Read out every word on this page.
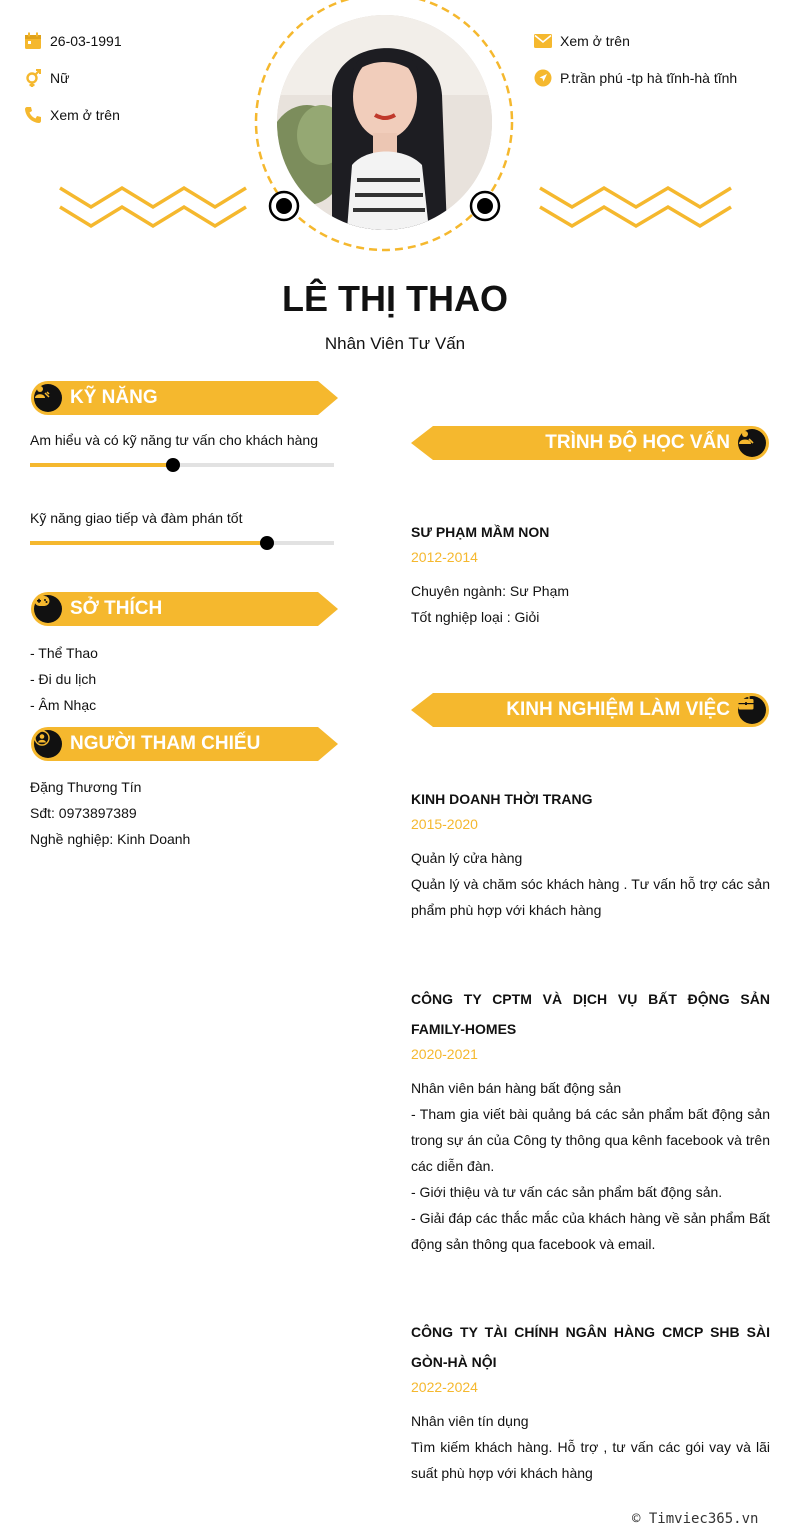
26-03-1991
Nữ
Xem ở trên
Xem ở trên
P.trần phú -tp hà tĩnh-hà tĩnh
LÊ THỊ THAO
Nhân Viên Tư Vấn
KỸ NĂNG
Am hiểu và có kỹ năng tư vấn cho khách hàng
Kỹ năng giao tiếp và đàm phán tốt
SỞ THÍCH
- Thể Thao
- Đi du lịch
- Âm Nhạc
NGƯỜI THAM CHIẾU
Đặng Thương Tín
Sđt: 0973897389
Nghề nghiệp: Kinh Doanh
TRÌNH ĐỘ HỌC VẤN
SƯ PHẠM MẦM NON
2012-2014
Chuyên ngành: Sư Phạm
Tốt nghiệp loại : Giỏi
KINH NGHIỆM LÀM VIỆC
KINH DOANH THỜI TRANG
2015-2020
Quản lý cửa hàng
Quản lý và chăm sóc khách hàng . Tư vấn hỗ trợ các sản phẩm phù hợp với khách hàng
CÔNG TY CPTM VÀ DỊCH VỤ BẤT ĐỘNG SẢN FAMILY-HOMES
2020-2021
Nhân viên bán hàng bất động sản
- Tham gia viết bài quảng bá các sản phẩm bất động sản trong sự án của Công ty thông qua kênh facebook và trên các diễn đàn.
- Giới thiệu và tư vấn các sản phẩm bất động sản.
- Giải đáp các thắc mắc của khách hàng về sản phẩm Bất động sản thông qua facebook và email.
CÔNG TY TÀI CHÍNH NGÂN HÀNG CMCP SHB SÀI GÒN-HÀ NỘI
2022-2024
Nhân viên tín dụng
Tìm kiếm khách hàng. Hỗ trợ , tư vấn các gói vay và lãi suất phù hợp với khách hàng
© Timviec365.vn
